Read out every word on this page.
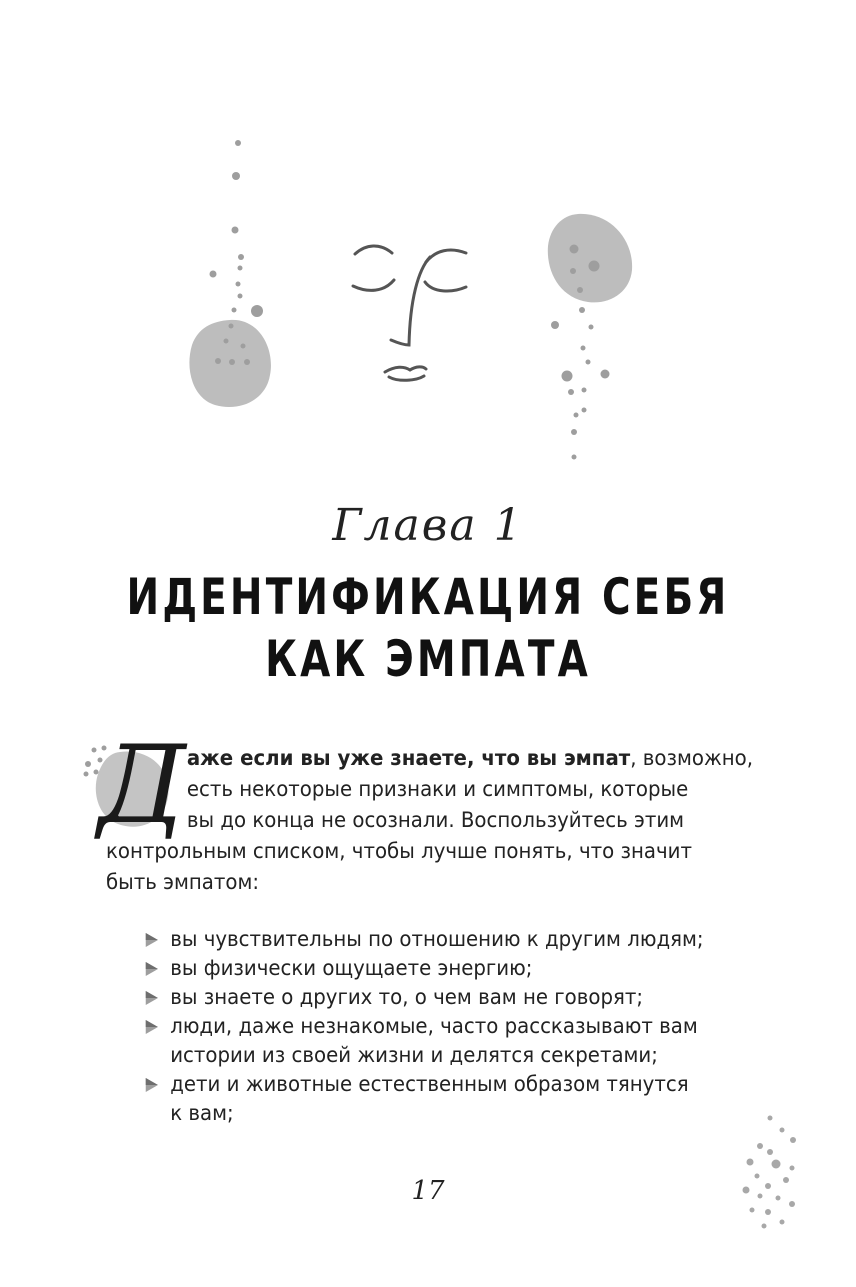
Глава 1
ИДЕНТИФИКАЦИЯ СЕБЯ
КАК ЭМПАТА
Д аже если вы уже знаете, что вы эмпат, возможно,
есть некоторые признаки и симптомы, которые
вы до конца не осознали. Воспользуйтесь этим
контрольным списком, чтобы лучше понять, что значит
быть эмпатом:
вы чувствительны по отношению к другим людям;
вы физически ощущаете энергию;
вы знаете о других то, о чем вам не говорят;
люди, даже незнакомые, часто рассказывают вам
истории из своей жизни и делятся секретами;
дети и животные естественным образом тянутся
к вам;
17
